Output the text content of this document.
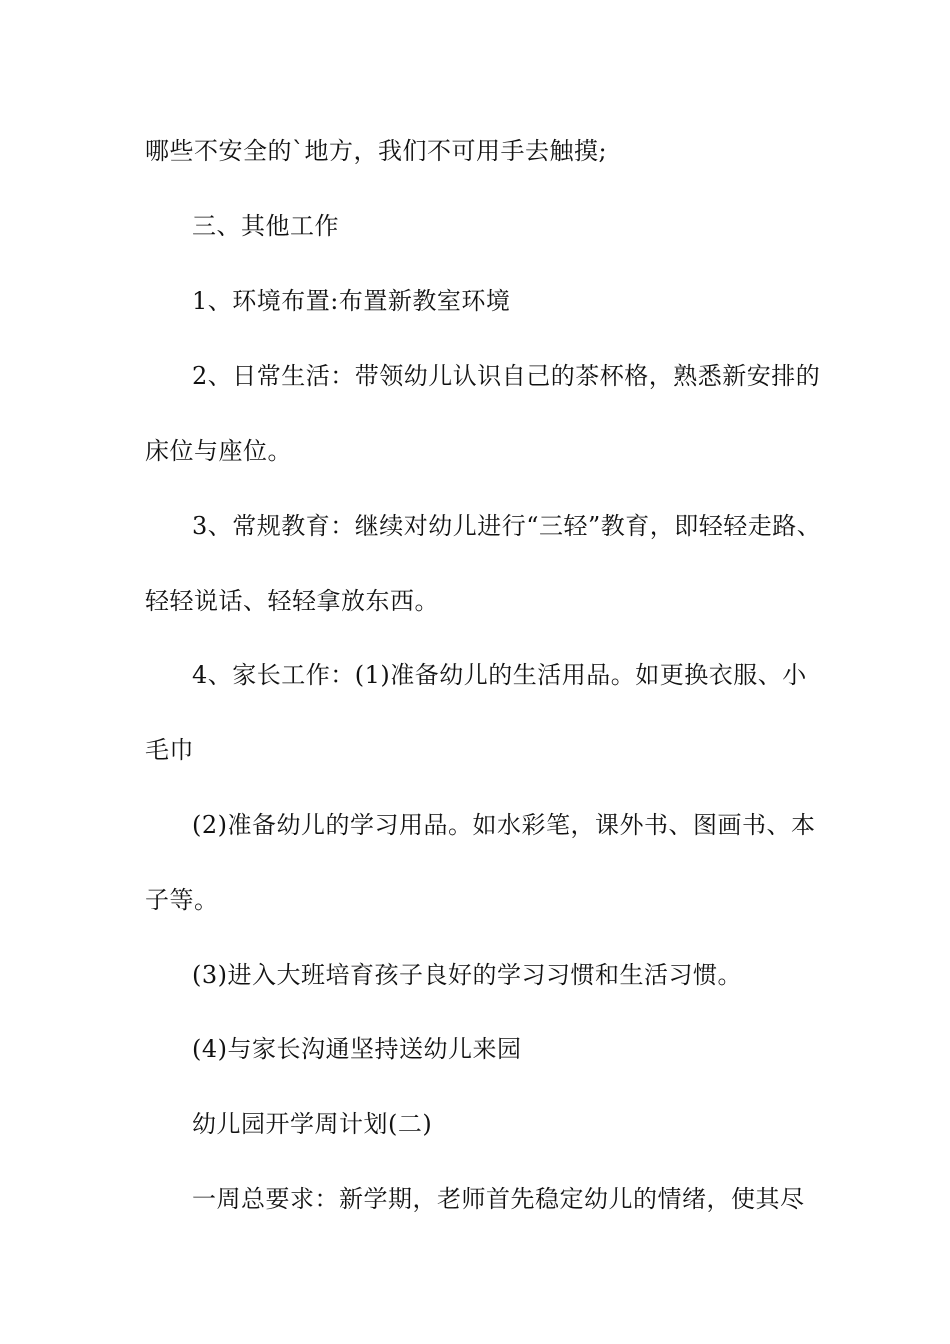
哪些不安全的`地方，我们不可用手去触摸;
三、其他工作
1、环境布置:布置新教室环境
2、日常生活：带领幼儿认识自己的茶杯格，熟悉新安排的
床位与座位。
3、常规教育：继续对幼儿进行“三轻”教育，即轻轻走路、
轻轻说话、轻轻拿放东西。
4、家长工作：(1)准备幼儿的生活用品。如更换衣服、小
毛巾
(2)准备幼儿的学习用品。如水彩笔，课外书、图画书、本
子等。
(3)进入大班培育孩子良好的学习习惯和生活习惯。
(4)与家长沟通坚持送幼儿来园
幼儿园开学周计划(二)
一周总要求：新学期，老师首先稳定幼儿的情绪，使其尽
